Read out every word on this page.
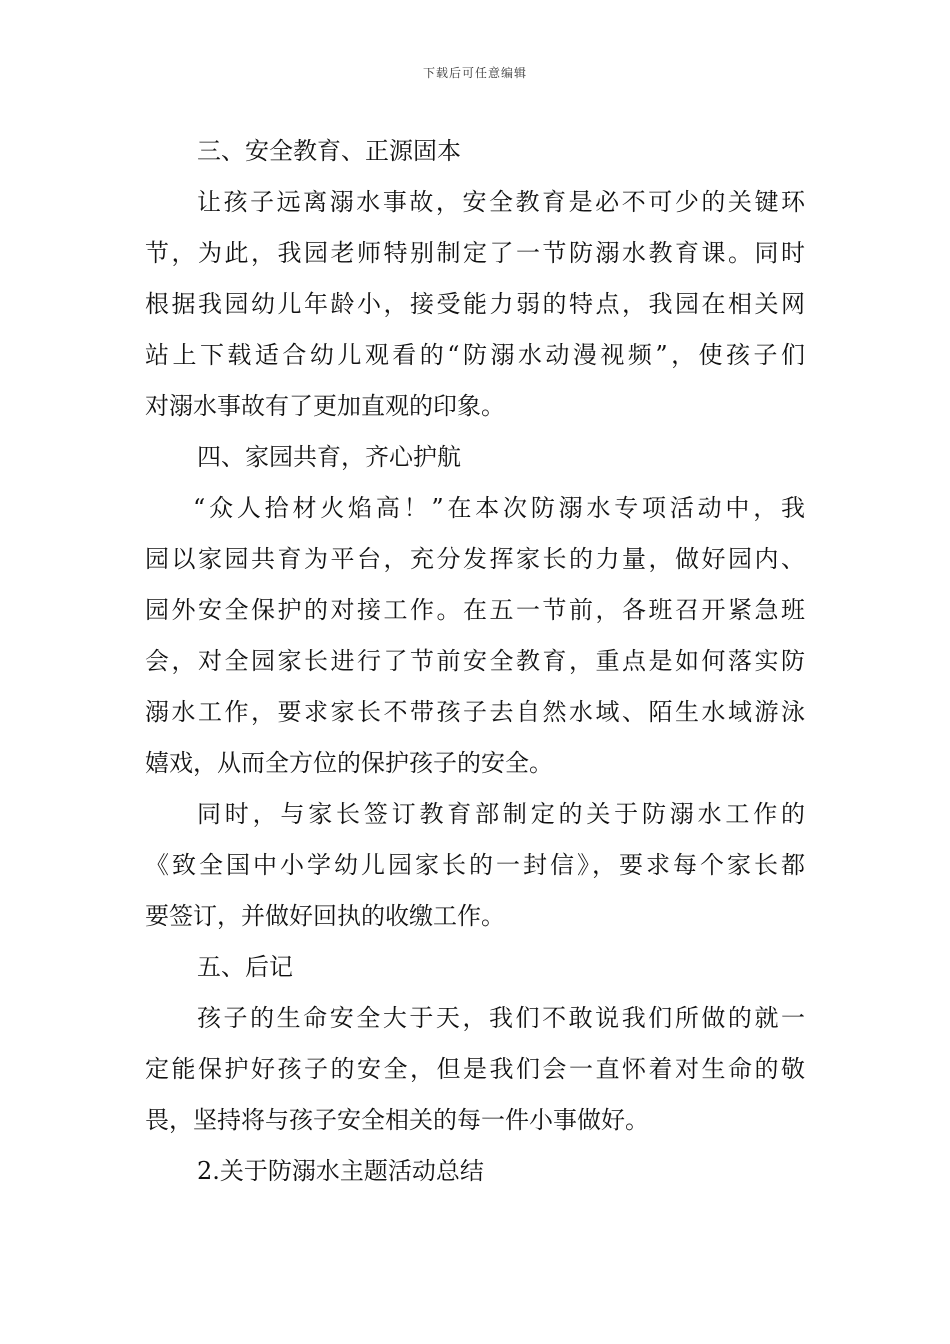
下载后可任意编辑
三、安全教育、正源固本
让孩子远离溺水事故，安全教育是必不可少的关键环
节，为此，我园老师特别制定了一节防溺水教育课。同时
根据我园幼儿年龄小，接受能力弱的特点，我园在相关网
站上下载适合幼儿观看的“防溺水动漫视频”，使孩子们
对溺水事故有了更加直观的印象。
四、家园共育，齐心护航
“众人拾材火焰高！”在本次防溺水专项活动中，我
园以家园共育为平台，充分发挥家长的力量，做好园内、
园外安全保护的对接工作。在五一节前，各班召开紧急班
会，对全园家长进行了节前安全教育，重点是如何落实防
溺水工作，要求家长不带孩子去自然水域、陌生水域游泳
嬉戏，从而全方位的保护孩子的安全。
同时，与家长签订教育部制定的关于防溺水工作的
《致全国中小学幼儿园家长的一封信》，要求每个家长都
要签订，并做好回执的收缴工作。
五、后记
孩子的生命安全大于天，我们不敢说我们所做的就一
定能保护好孩子的安全，但是我们会一直怀着对生命的敬
畏，坚持将与孩子安全相关的每一件小事做好。
2.关于防溺水主题活动总结
